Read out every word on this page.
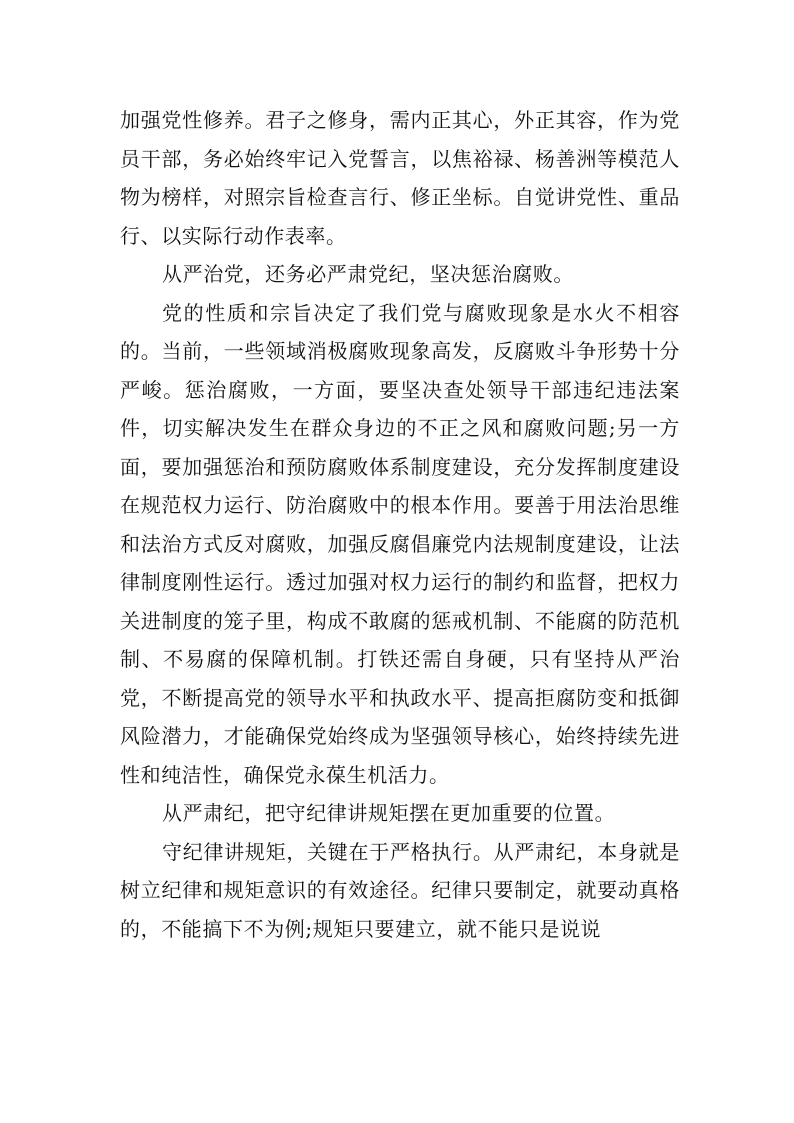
加强党性修养。君子之修身，需内正其心，外正其容，作为党员干部，务必始终牢记入党誓言，以焦裕禄、杨善洲等模范人物为榜样，对照宗旨检查言行、修正坐标。自觉讲党性、重品行、以实际行动作表率。

从严治党，还务必严肃党纪，坚决惩治腐败。

党的性质和宗旨决定了我们党与腐败现象是水火不相容的。当前，一些领域消极腐败现象高发，反腐败斗争形势十分严峻。惩治腐败，一方面，要坚决查处领导干部违纪违法案件，切实解决发生在群众身边的不正之风和腐败问题;另一方面，要加强惩治和预防腐败体系制度建设，充分发挥制度建设在规范权力运行、防治腐败中的根本作用。要善于用法治思维和法治方式反对腐败，加强反腐倡廉党内法规制度建设，让法律制度刚性运行。透过加强对权力运行的制约和监督，把权力关进制度的笼子里，构成不敢腐的惩戒机制、不能腐的防范机制、不易腐的保障机制。打铁还需自身硬，只有坚持从严治党，不断提高党的领导水平和执政水平、提高拒腐防变和抵御风险潜力，才能确保党始终成为坚强领导核心，始终持续先进性和纯洁性，确保党永葆生机活力。

从严肃纪，把守纪律讲规矩摆在更加重要的位置。

守纪律讲规矩，关键在于严格执行。从严肃纪，本身就是树立纪律和规矩意识的有效途径。纪律只要制定，就要动真格的，不能搞下不为例;规矩只要建立，就不能只是说说
